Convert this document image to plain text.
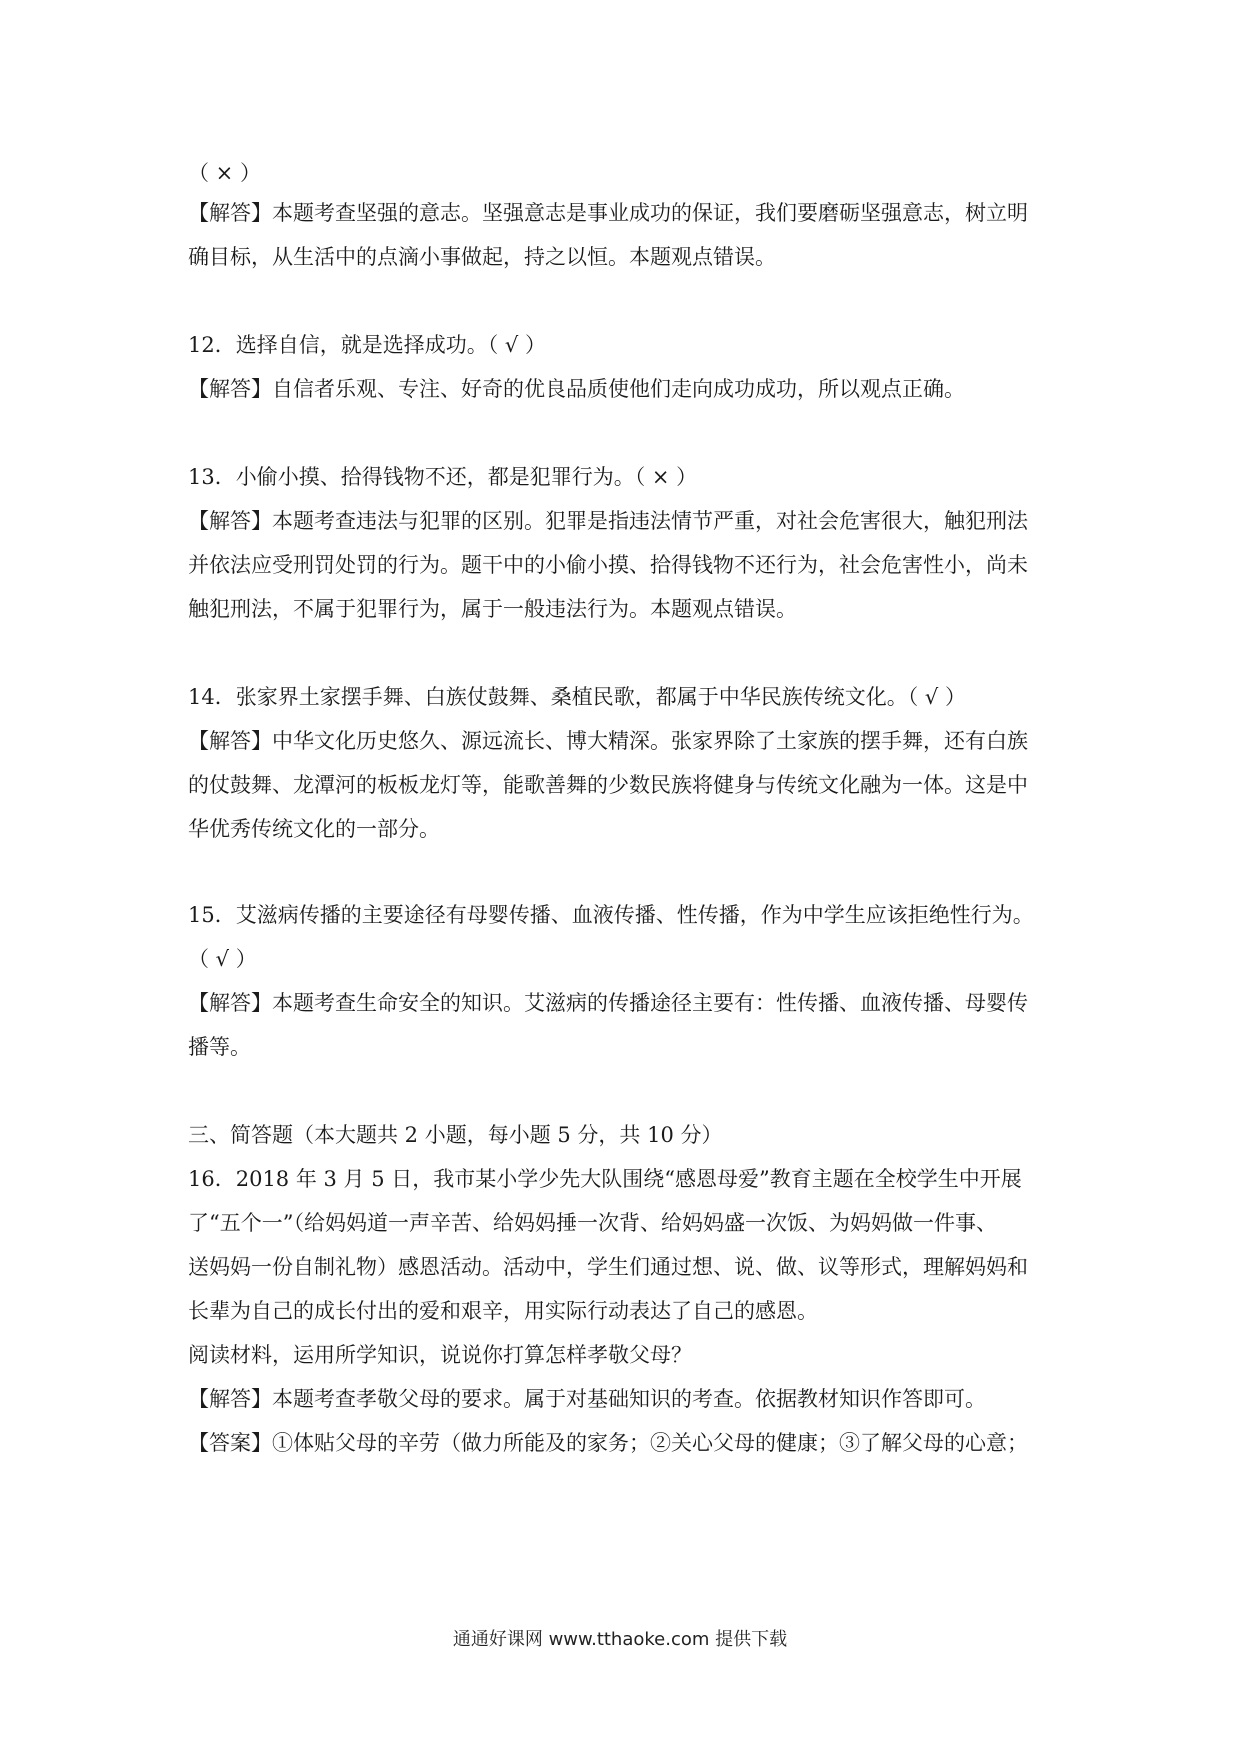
（ × ）
【解答】本题考查坚强的意志。坚强意志是事业成功的保证，我们要磨砺坚强意志，树立明
确目标，从生活中的点滴小事做起，持之以恒。本题观点错误。
12．选择自信，就是选择成功。（ √ ）
【解答】自信者乐观、专注、好奇的优良品质使他们走向成功成功，所以观点正确。
13．小偷小摸、拾得钱物不还，都是犯罪行为。（ × ）
【解答】本题考查违法与犯罪的区别。犯罪是指违法情节严重，对社会危害很大，触犯刑法
并依法应受刑罚处罚的行为。题干中的小偷小摸、拾得钱物不还行为，社会危害性小，尚未
触犯刑法，不属于犯罪行为，属于一般违法行为。本题观点错误。
14．张家界土家摆手舞、白族仗鼓舞、桑植民歌，都属于中华民族传统文化。（ √ ）
【解答】中华文化历史悠久、源远流长、博大精深。张家界除了土家族的摆手舞，还有白族
的仗鼓舞、龙潭河的板板龙灯等，能歌善舞的少数民族将健身与传统文化融为一体。这是中
华优秀传统文化的一部分。
15．艾滋病传播的主要途径有母婴传播、血液传播、性传播，作为中学生应该拒绝性行为。
（ √ ）
【解答】本题考查生命安全的知识。艾滋病的传播途径主要有：性传播、血液传播、母婴传
播等。
三、简答题（本大题共 2 小题，每小题 5 分，共 10 分）
16．2018 年 3 月 5 日，我市某小学少先大队围绕“感恩母爱”教育主题在全校学生中开展
了“五个一”（给妈妈道一声辛苦、给妈妈捶一次背、给妈妈盛一次饭、为妈妈做一件事、
送妈妈一份自制礼物）感恩活动。活动中，学生们通过想、说、做、议等形式，理解妈妈和
长辈为自己的成长付出的爱和艰辛，用实际行动表达了自己的感恩。
阅读材料，运用所学知识，说说你打算怎样孝敬父母？
【解答】本题考查孝敬父母的要求。属于对基础知识的考查。依据教材知识作答即可。
【答案】①体贴父母的辛劳（做力所能及的家务；②关心父母的健康；③了解父母的心意；
通通好课网 www.tthaoke.com 提供下载
